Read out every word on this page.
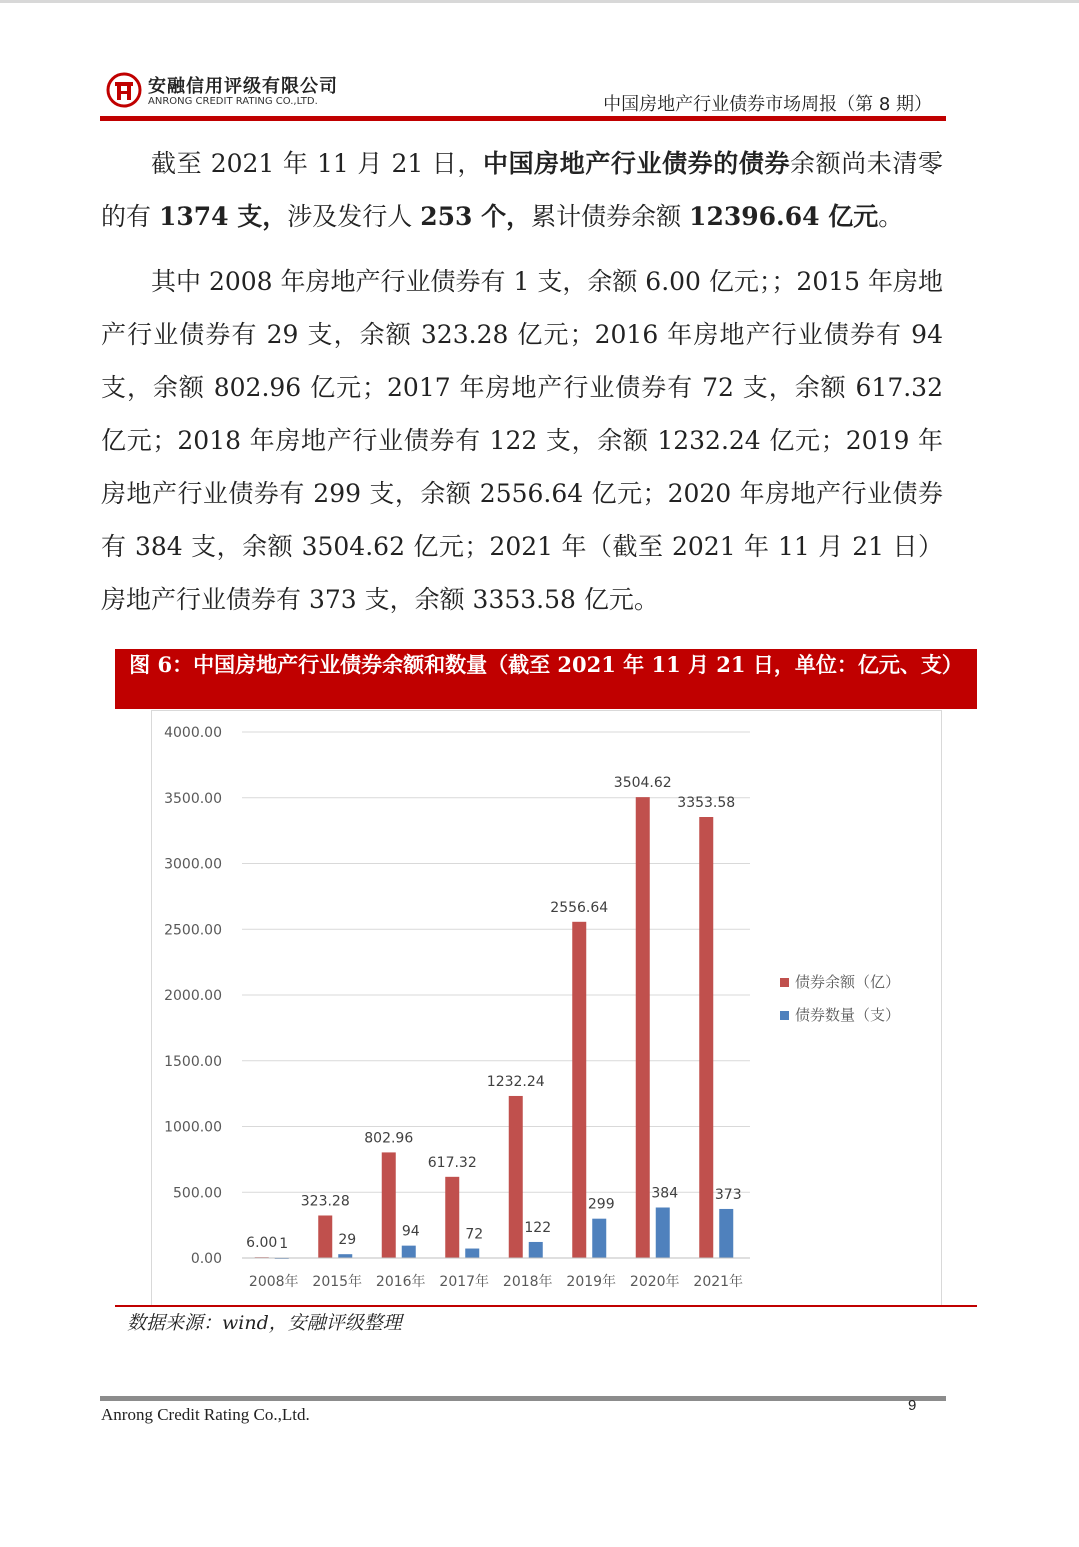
安融信用评级有限公司
ANRONG CREDIT RATING CO.,LTD.	中国房地产行业债券市场周报（第 8 期）

截至 2021 年 11 月 21 日，中国房地产行业债券的债券余额尚未清零的有 1374 支，涉及发行人 253 个，累计债券余额 12396.64 亿元。

其中 2008 年房地产行业债券有 1 支，余额 6.00 亿元；；2015 年房地产行业债券有 29 支，余额 323.28 亿元；2016 年房地产行业债券有 94 支，余额 802.96 亿元；2017 年房地产行业债券有 72 支，余额 617.32 亿元；2018 年房地产行业债券有 122 支，余额 1232.24 亿元；2019 年房地产行业债券有 299 支，余额 2556.64 亿元；2020 年房地产行业债券有 384 支，余额 3504.62 亿元；2021 年（截至 2021 年 11 月 21 日）房地产行业债券有 373 支，余额 3353.58 亿元。

图 6：中国房地产行业债券余额和数量（截至 2021 年 11 月 21 日，单位：亿元、支）
0.00
500.00
1000.00
1500.00
2000.00
2500.00
3000.00
3500.00
4000.00
6.00 1
2008年
323.28
29
2015年
802.96
94
2016年
617.32
72
2017年
1232.24
122
2018年
2556.64
299
2019年
3504.62
384
2020年
3353.58
373
2021年
债券余额（亿）
债券数量（支）
数据来源：wind，安融评级整理
9
Anrong Credit Rating Co.,Ltd.
